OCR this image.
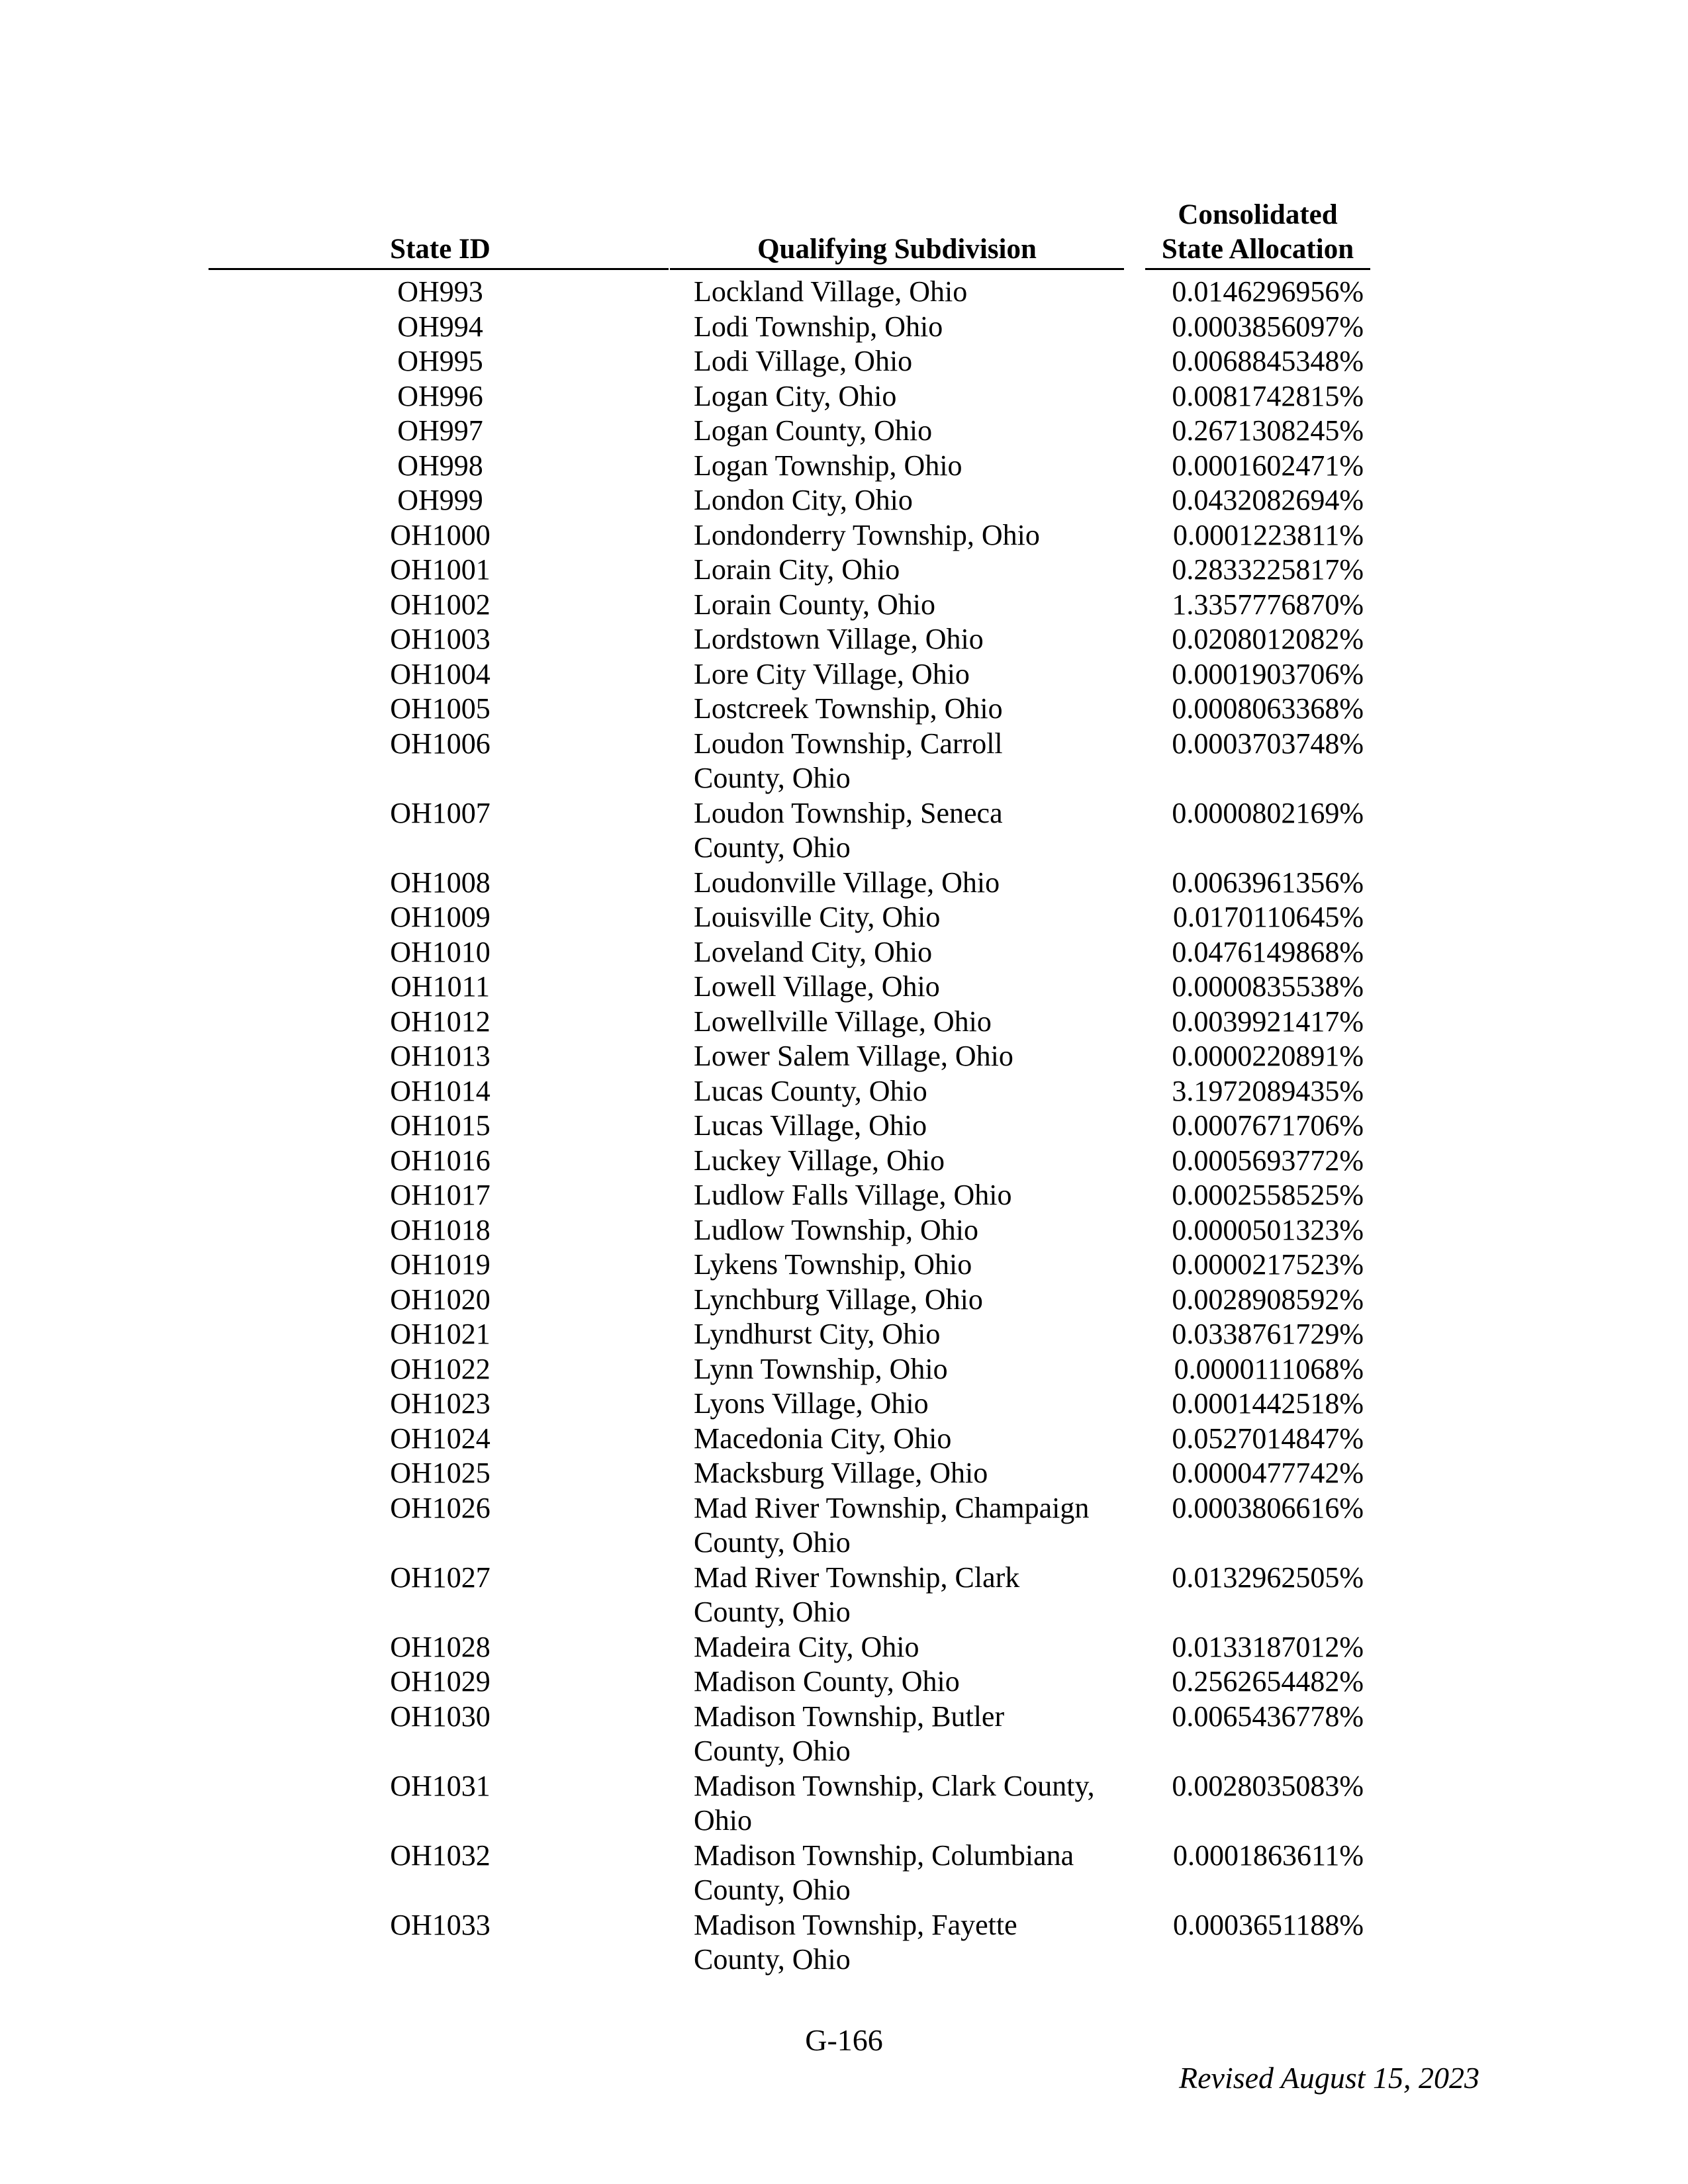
State ID	Qualifying Subdivision
Consolidated
State Allocation
OH993	Lockland Village, Ohio	0.0146296956%
OH994	Lodi Township, Ohio	0.0003856097%
OH995	Lodi Village, Ohio	0.0068845348%
OH996	Logan City, Ohio	0.0081742815%
OH997	Logan County, Ohio	0.2671308245%
OH998	Logan Township, Ohio	0.0001602471%
OH999	London City, Ohio	0.0432082694%
OH1000	Londonderry Township, Ohio	0.0001223811%
OH1001	Lorain City, Ohio	0.2833225817%
OH1002	Lorain County, Ohio	1.3357776870%
OH1003	Lordstown Village, Ohio	0.0208012082%
OH1004	Lore City Village, Ohio	0.0001903706%
OH1005	Lostcreek Township, Ohio	0.0008063368%
OH1006	Loudon Township, Carroll
County, Ohio
0.0003703748%
OH1007	Loudon Township, Seneca
County, Ohio
0.0000802169%
OH1008	Loudonville Village, Ohio	0.0063961356%
OH1009	Louisville City, Ohio	0.0170110645%
OH1010	Loveland City, Ohio	0.0476149868%
OH1011	Lowell Village, Ohio	0.0000835538%
OH1012	Lowellville Village, Ohio	0.0039921417%
OH1013	Lower Salem Village, Ohio	0.0000220891%
OH1014	Lucas County, Ohio	3.1972089435%
OH1015	Lucas Village, Ohio	0.0007671706%
OH1016	Luckey Village, Ohio	0.0005693772%
OH1017	Ludlow Falls Village, Ohio	0.0002558525%
OH1018	Ludlow Township, Ohio	0.0000501323%
OH1019	Lykens Township, Ohio	0.0000217523%
OH1020	Lynchburg Village, Ohio	0.0028908592%
OH1021	Lyndhurst City, Ohio	0.0338761729%
OH1022	Lynn Township, Ohio	0.0000111068%
OH1023	Lyons Village, Ohio	0.0001442518%
OH1024	Macedonia City, Ohio	0.0527014847%
OH1025	Macksburg Village, Ohio	0.0000477742%
OH1026	Mad River Township, Champaign
County, Ohio
0.0003806616%
OH1027	Mad River Township, Clark
County, Ohio
0.0132962505%
OH1028	Madeira City, Ohio	0.0133187012%
OH1029	Madison County, Ohio	0.2562654482%
OH1030	Madison Township, Butler
County, Ohio
0.0065436778%
OH1031	Madison Township, Clark County,
Ohio
0.0028035083%
OH1032	Madison Township, Columbiana
County, Ohio
0.0001863611%
OH1033	Madison Township, Fayette
County, Ohio
0.0003651188%
G-166
Revised August 15, 2023
